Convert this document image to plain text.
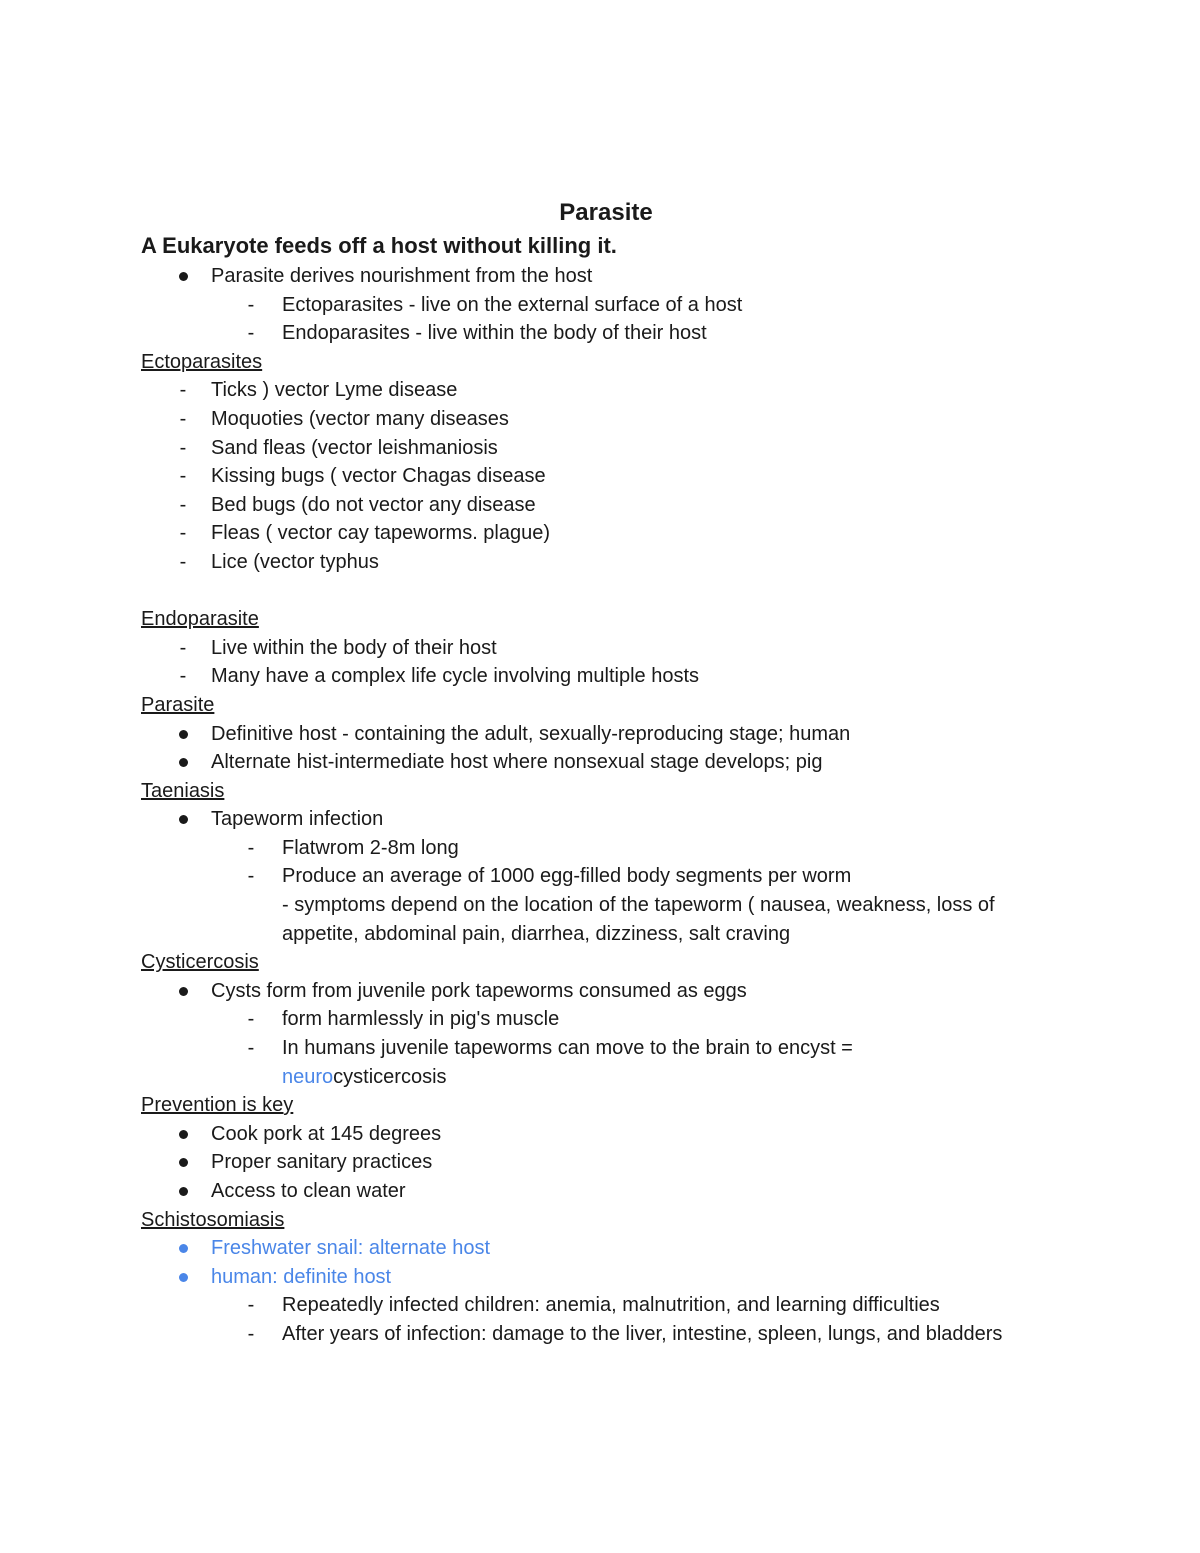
Parasite
A Eukaryote feeds off a host without killing it.
Parasite derives nourishment from the host
- Ectoparasites - live on the external surface of a host
- Endoparasites - live within the body of their host
Ectoparasites
- Ticks ) vector Lyme disease
- Moquoties (vector many diseases
- Sand fleas (vector leishmaniosis
- Kissing bugs ( vector Chagas disease
- Bed bugs (do not vector any disease
- Fleas ( vector cay tapeworms. plague)
- Lice (vector typhus
Endoparasite
- Live within the body of their host
- Many have a complex life cycle involving multiple hosts
Parasite
Definitive host - containing the adult, sexually-reproducing stage; human
Alternate hist-intermediate host where nonsexual stage develops; pig
Taeniasis
Tapeworm infection
- Flatwrom 2-8m long
- Produce an average of 1000 egg-filled body segments per worm
- symptoms depend on the location of the tapeworm ( nausea, weakness, loss of
appetite, abdominal pain, diarrhea, dizziness, salt craving
Cysticercosis
Cysts form from juvenile pork tapeworms consumed as eggs
- form harmlessly in pig's muscle
- In humans juvenile tapeworms can move to the brain to encyst =
neurocysticercosis
Prevention is key
Cook pork at 145 degrees
Proper sanitary practices
Access to clean water
Schistosomiasis
Freshwater snail: alternate host
human: definite host
- Repeatedly infected children: anemia, malnutrition, and learning difficulties
- After years of infection: damage to the liver, intestine, spleen, lungs, and bladders
